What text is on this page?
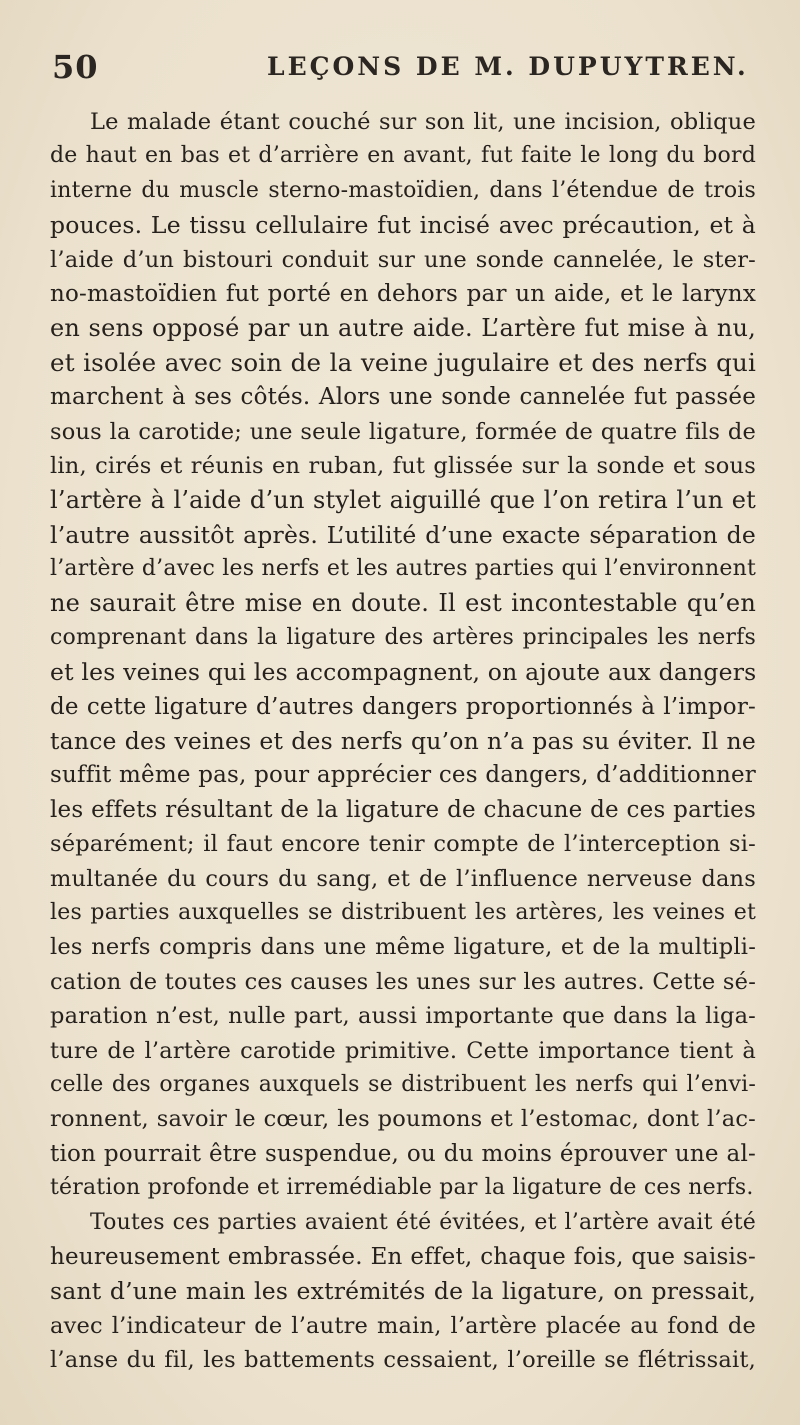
50	LEÇONS DE M. DUPUYTREN.
Le malade étant couché sur son lit, une incision, oblique
de haut en bas et d’arrière en avant, fut faite le long du bord
interne du muscle sterno-mastoïdien, dans l’étendue de trois
pouces. Le tissu cellulaire fut incisé avec précaution, et à
l’aide d’un bistouri conduit sur une sonde cannelée, le ster-
no-mastoïdien fut porté en dehors par un aide, et le larynx
en sens opposé par un autre aide. L’artère fut mise à nu,
et isolée avec soin de la veine jugulaire et des nerfs qui
marchent à ses côtés. Alors une sonde cannelée fut passée
sous la carotide; une seule ligature, formée de quatre fils de
lin, cirés et réunis en ruban, fut glissée sur la sonde et sous
l’artère à l’aide d’un stylet aiguillé que l’on retira l’un et
l’autre aussitôt après. L’utilité d’une exacte séparation de
l’artère d’avec les nerfs et les autres parties qui l’environnent
ne saurait être mise en doute. Il est incontestable qu’en
comprenant dans la ligature des artères principales les nerfs
et les veines qui les accompagnent, on ajoute aux dangers
de cette ligature d’autres dangers proportionnés à l’impor-
tance des veines et des nerfs qu’on n’a pas su éviter. Il ne
suffit même pas, pour apprécier ces dangers, d’additionner
les effets résultant de la ligature de chacune de ces parties
séparément; il faut encore tenir compte de l’interception si-
multanée du cours du sang, et de l’influence nerveuse dans
les parties auxquelles se distribuent les artères, les veines et
les nerfs compris dans une même ligature, et de la multipli-
cation de toutes ces causes les unes sur les autres. Cette sé-
paration n’est, nulle part, aussi importante que dans la liga-
ture de l’artère carotide primitive. Cette importance tient à
celle des organes auxquels se distribuent les nerfs qui l’envi-
ronnent, savoir le cœur, les poumons et l’estomac, dont l’ac-
tion pourrait être suspendue, ou du moins éprouver une al-
tération profonde et irremédiable par la ligature de ces nerfs.
Toutes ces parties avaient été évitées, et l’artère avait été
heureusement embrassée. En effet, chaque fois, que saisis-
sant d’une main les extrémités de la ligature, on pressait,
avec l’indicateur de l’autre main, l’artère placée au fond de
l’anse du fil, les battements cessaient, l’oreille se flétrissait,
